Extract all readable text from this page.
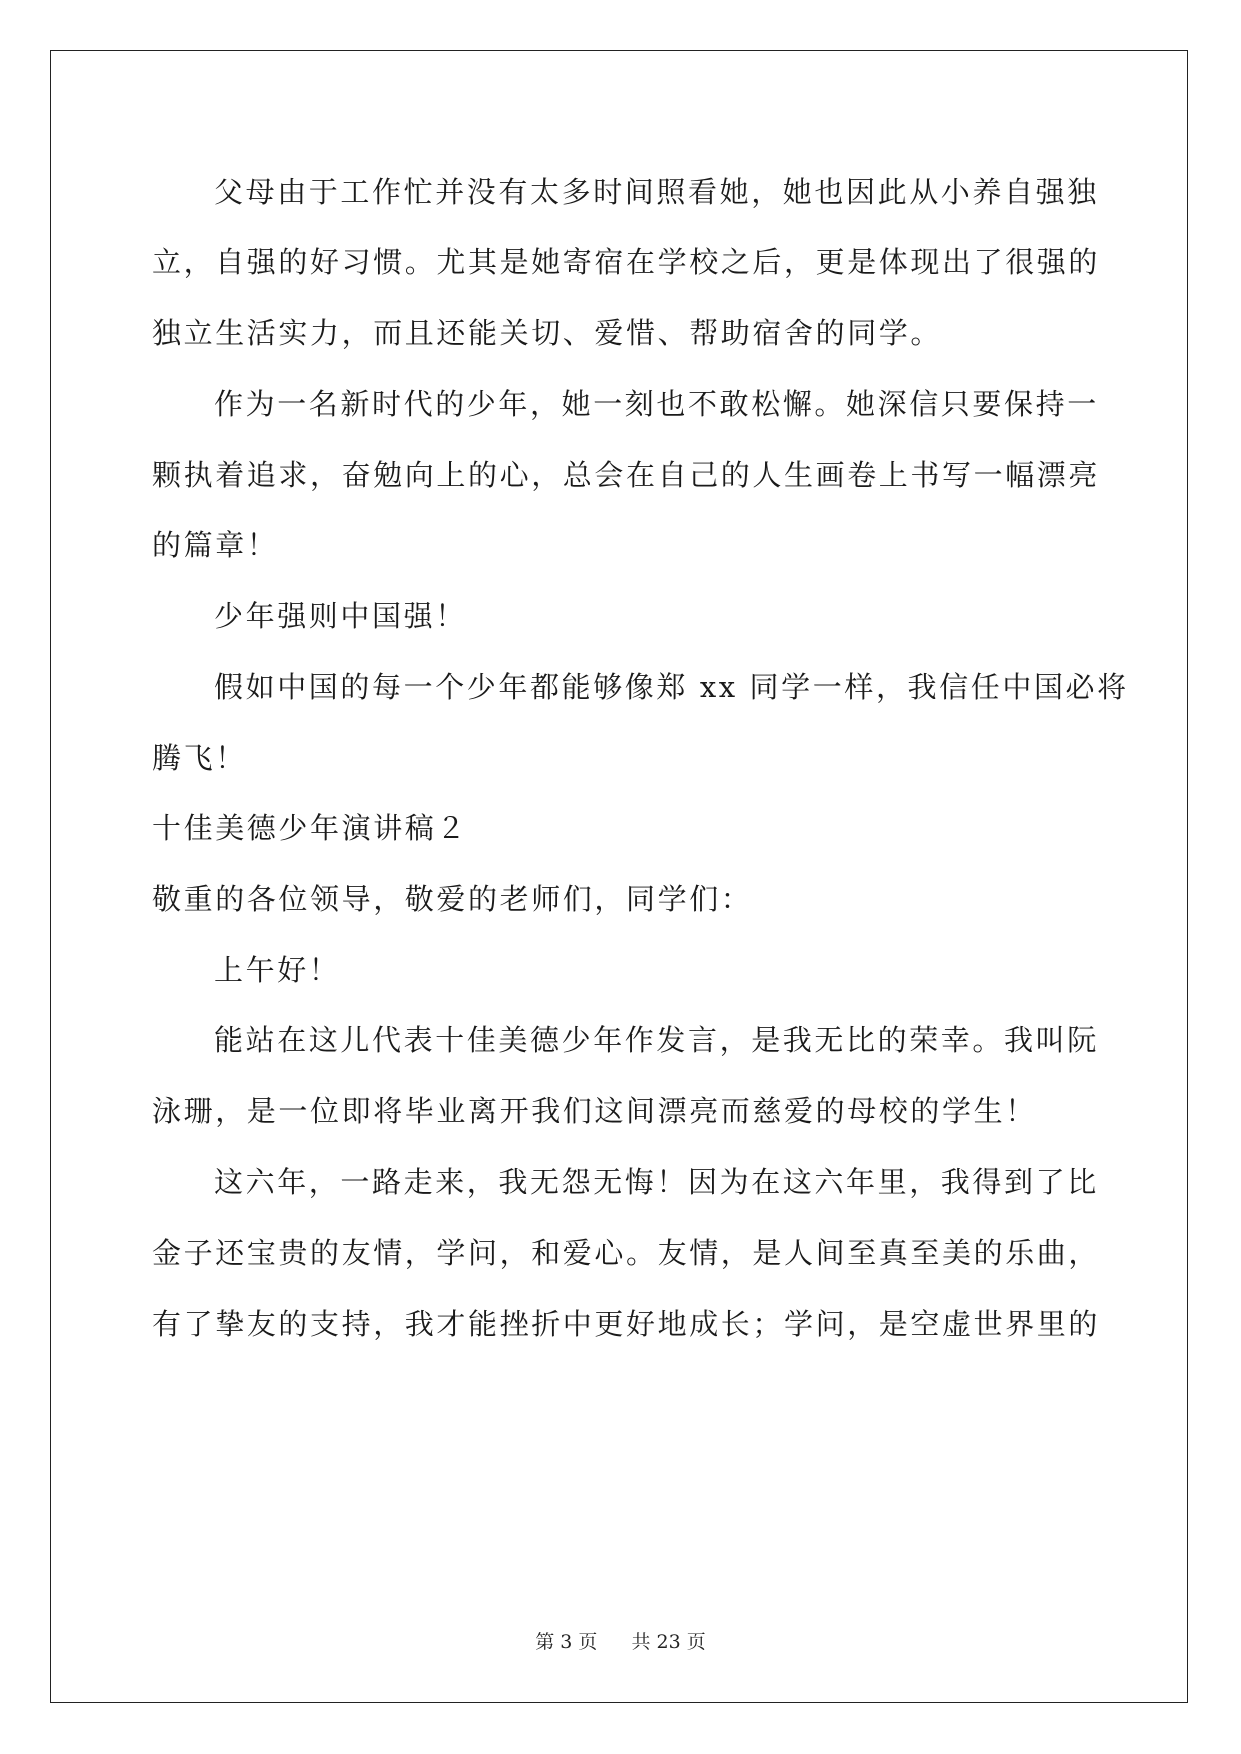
父母由于工作忙并没有太多时间照看她，她也因此从小养自强独
立，自强的好习惯。尤其是她寄宿在学校之后，更是体现出了很强的
独立生活实力，而且还能关切、爱惜、帮助宿舍的同学。
作为一名新时代的少年，她一刻也不敢松懈。她深信只要保持一
颗执着追求，奋勉向上的心，总会在自己的人生画卷上书写一幅漂亮
的篇章！
少年强则中国强！
假如中国的每一个少年都能够像郑 xx 同学一样，我信任中国必将
腾飞！
十佳美德少年演讲稿２
敬重的各位领导，敬爱的老师们，同学们：
上午好！
能站在这儿代表十佳美德少年作发言，是我无比的荣幸。我叫阮
泳珊，是一位即将毕业离开我们这间漂亮而慈爱的母校的学生！
这六年，一路走来，我无怨无悔！因为在这六年里，我得到了比
金子还宝贵的友情，学问，和爱心。友情，是人间至真至美的乐曲，
有了挚友的支持，我才能挫折中更好地成长；学问，是空虚世界里的
第 3 页 共 23 页
